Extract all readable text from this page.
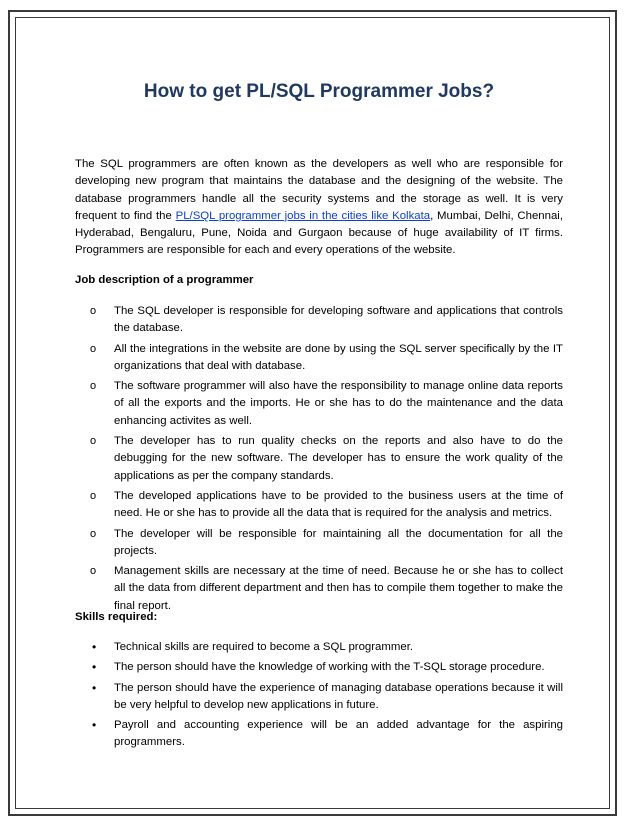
How to get PL/SQL Programmer Jobs?

The SQL programmers are often known as the developers as well who are responsible for developing new program that maintains the database and the designing of the website. The database programmers handle all the security systems and the storage as well. It is very frequent to find the PL/SQL programmer jobs in the cities like Kolkata, Mumbai, Delhi, Chennai, Hyderabad, Bengaluru, Pune, Noida and Gurgaon because of huge availability of IT firms. Programmers are responsible for each and every operations of the website.

Job description of a programmer

o The SQL developer is responsible for developing software and applications that controls the database.
o All the integrations in the website are done by using the SQL server specifically by the IT organizations that deal with database.
o The software programmer will also have the responsibility to manage online data reports of all the exports and the imports. He or she has to do the maintenance and the data enhancing activites as well.
o The developer has to run quality checks on the reports and also have to do the debugging for the new software. The developer has to ensure the work quality of the applications as per the company standards.
o The developed applications have to be provided to the business users at the time of need. He or she has to provide all the data that is required for the analysis and metrics.
o The developer will be responsible for maintaining all the documentation for all the projects.
o Management skills are necessary at the time of need. Because he or she has to collect all the data from different department and then has to compile them together to make the final report.

Skills required:

• Technical skills are required to become a SQL programmer.
• The person should have the knowledge of working with the T-SQL storage procedure.
• The person should have the experience of managing database operations because it will be very helpful to develop new applications in future.
• Payroll and accounting experience will be an added advantage for the aspiring programmers.
